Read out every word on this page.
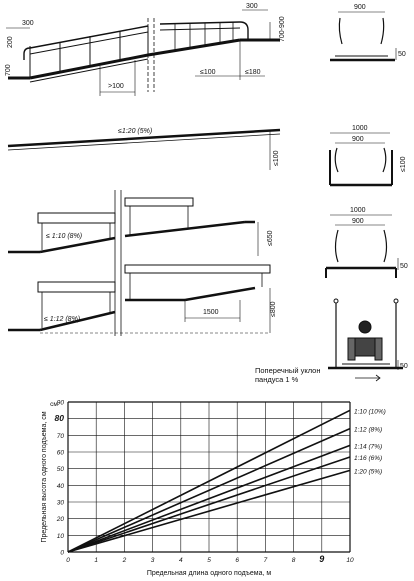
300
200
700
>100
300
700-900
≤100	≤180
≤1:20 (5%)
≤100
≤ 1:10 (8%)	≤650
≤ 1:12 (8%)
1500	≤800
900
50
1000
900
≤100
1000
900
50
50
0	1	2	3	4	5	6	7	8	9	10
0
10
20
30
40
50
60
70
80
90
см
1:10 (10%)
1:12 (8%)
1:14 (7%)
1:16 (6%)
1:20 (5%)
Предельная длина одного подъема, м
Предельная высота одного подъема, см
Поперечный уклон
пандуса 1 %
